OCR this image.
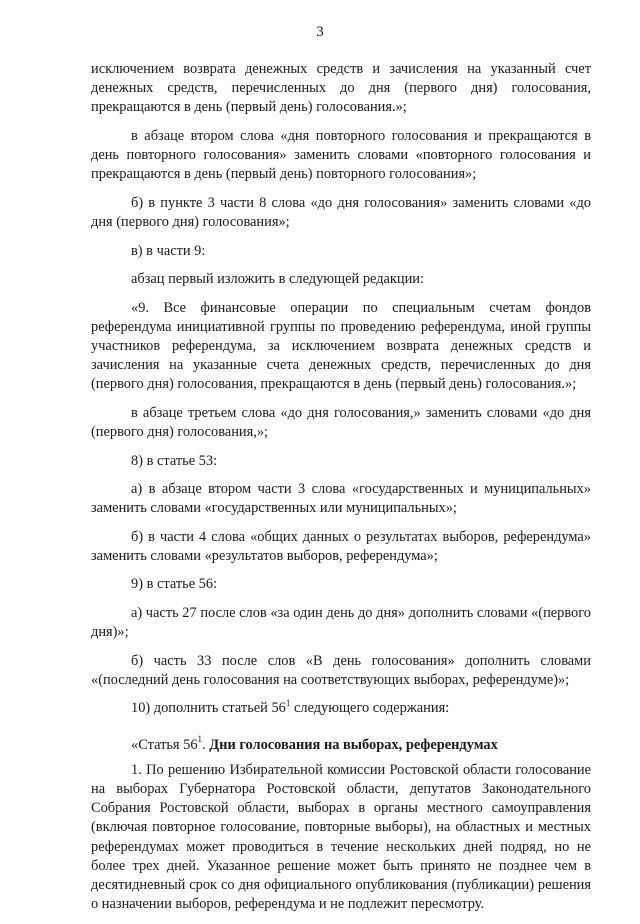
3

исключением возврата денежных средств и зачисления на указанный счет денежных средств, перечисленных до дня (первого дня) голосования, прекращаются в день (первый день) голосования.»;

в абзаце втором слова «дня повторного голосования и прекращаются в день повторного голосования» заменить словами «повторного голосования и прекращаются в день (первый день) повторного голосования»;

б) в пункте 3 части 8 слова «до дня голосования» заменить словами «до дня (первого дня) голосования»;

в) в части 9:

абзац первый изложить в следующей редакции:

«9. Все финансовые операции по специальным счетам фондов референдума инициативной группы по проведению референдума, иной группы участников референдума, за исключением возврата денежных средств и зачисления на указанные счета денежных средств, перечисленных до дня (первого дня) голосования, прекращаются в день (первый день) голосования.»;

в абзаце третьем слова «до дня голосования,» заменить словами «до дня (первого дня) голосования,»;

8) в статье 53:

а) в абзаце втором части 3 слова «государственных и муниципальных» заменить словами «государственных или муниципальных»;

б) в части 4 слова «общих данных о результатах выборов, референдума» заменить словами «результатов выборов, референдума»;

9) в статье 56:

а) часть 27 после слов «за один день до дня» дополнить словами «(первого дня)»;

б) часть 33 после слов «В день голосования» дополнить словами «(последний день голосования на соответствующих выборах, референдуме)»;

10) дополнить статьей $56^1$ следующего содержания:

«Статья $56^1$. Дни голосования на выборах, референдумах

1. По решению Избирательной комиссии Ростовской области голосование на выборах Губернатора Ростовской области, депутатов Законодательного Собрания Ростовской области, выборах в органы местного самоуправления (включая повторное голосование, повторные выборы), на областных и местных референдумах может проводиться в течение нескольких дней подряд, но не более трех дней. Указанное решение может быть принято не позднее чем в десятидневный срок со дня официального опубликования (публикации) решения о назначении выборов, референдума и не подлежит пересмотру.
